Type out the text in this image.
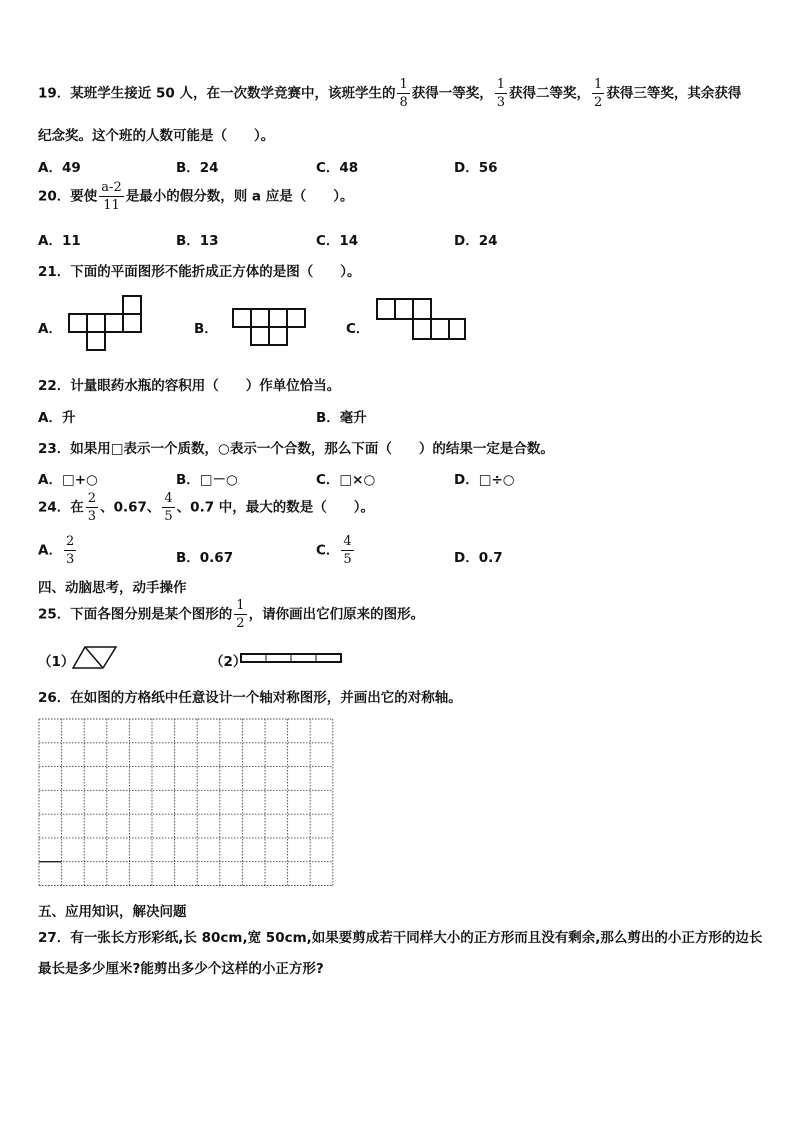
19．某班学生接近 50 人，在一次数学竞赛中，该班学生的 $\frac{1}{8}$ 获得一等奖， $\frac{1}{3}$ 获得二等奖， $\frac{1}{2}$ 获得三等奖，其余获得
纪念奖。这个班的人数可能是（　　）。
A．49	B．24	C．48	D．56
20．要使 $\frac{a-2}{11}$ 是最小的假分数，则 a 应是（　　）。
A．11	B．13	C．14	D．24
21．下面的平面图形不能折成正方体的是图（　　）。
A．	B．	C．
22．计量眼药水瓶的容积用（　　）作单位恰当。
A．升	B．毫升
23．如果用□表示一个质数，○表示一个合数，那么下面（　　）的结果一定是合数。
A．□+○	B．□－○	C．□×○	D．□÷○
24．在 $\frac{2}{3}$ 、0.67、 $\frac{4}{5}$ 、0.7 中，最大的数是（　　）。
A． $\frac{2}{3}$	B．0.67	C． $\frac{4}{5}$	D．0.7
四、动脑思考，动手操作
25．下面各图分别是某个图形的 $\frac{1}{2}$ ，请你画出它们原来的图形。
（1）	（2）
26．在如图的方格纸中任意设计一个轴对称图形，并画出它的对称轴。
五、应用知识，解决问题
27．有一张长方形彩纸,长 80cm,宽 50cm,如果要剪成若干同样大小的正方形而且没有剩余,那么剪出的小正方形的边长
最长是多少厘米?能剪出多少个这样的小正方形?
